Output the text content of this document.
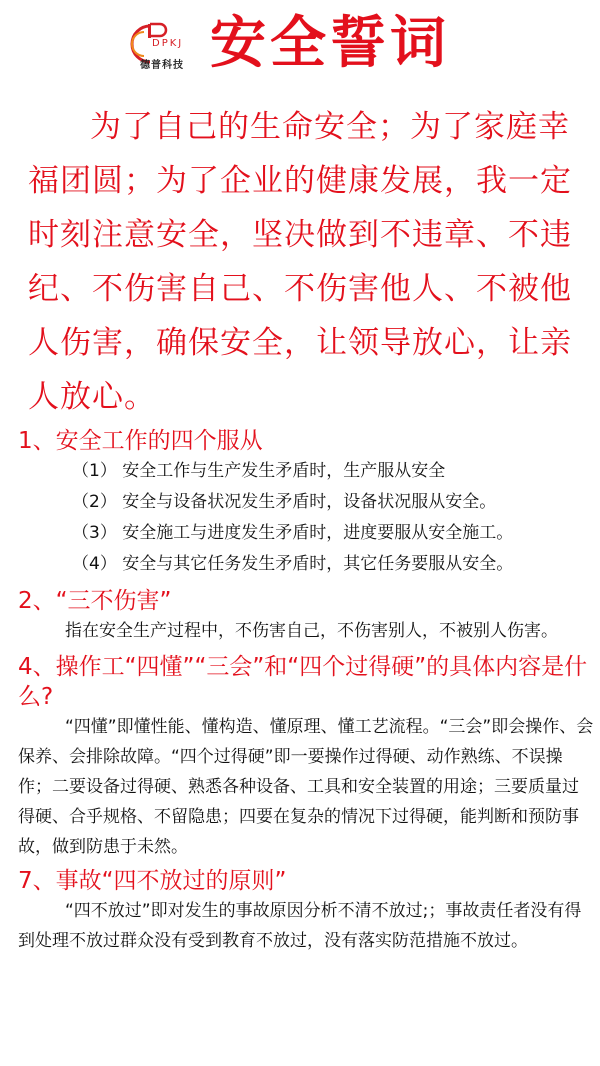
DPKJ
德普科技 安全誓词

为了自己的生命安全；为了家庭幸福团圆；为了企业的健康发展，我一定时刻注意安全，坚决做到不违章、不违纪、不伤害自己、不伤害他人、不被他人伤害，确保安全，让领导放心，让亲人放心。

1、安全工作的四个服从

（1） 安全工作与生产发生矛盾时，生产服从安全

（2） 安全与设备状况发生矛盾时，设备状况服从安全。

（3） 安全施工与进度发生矛盾时，进度要服从安全施工。

（4） 安全与其它任务发生矛盾时，其它任务要服从安全。

2、“三不伤害”

指在安全生产过程中，不伤害自己，不伤害别人，不被别人伤害。

4、操作工“四懂”“三会”和“四个过得硬”的具体内容是什么?

“四懂”即懂性能、懂构造、懂原理、懂工艺流程。“三会”即会操作、会保养、会排除故障。“四个过得硬”即一要操作过得硬、动作熟练、不误操作；二要设备过得硬、熟悉各种设备、工具和安全装置的用途；三要质量过得硬、合乎规格、不留隐患；四要在复杂的情况下过得硬，能判断和预防事故，做到防患于未然。

7、事故“四不放过的原则”

“四不放过”即对发生的事故原因分析不清不放过;；事故责任者没有得到处理不放过群众没有受到教育不放过，没有落实防范措施不放过。
